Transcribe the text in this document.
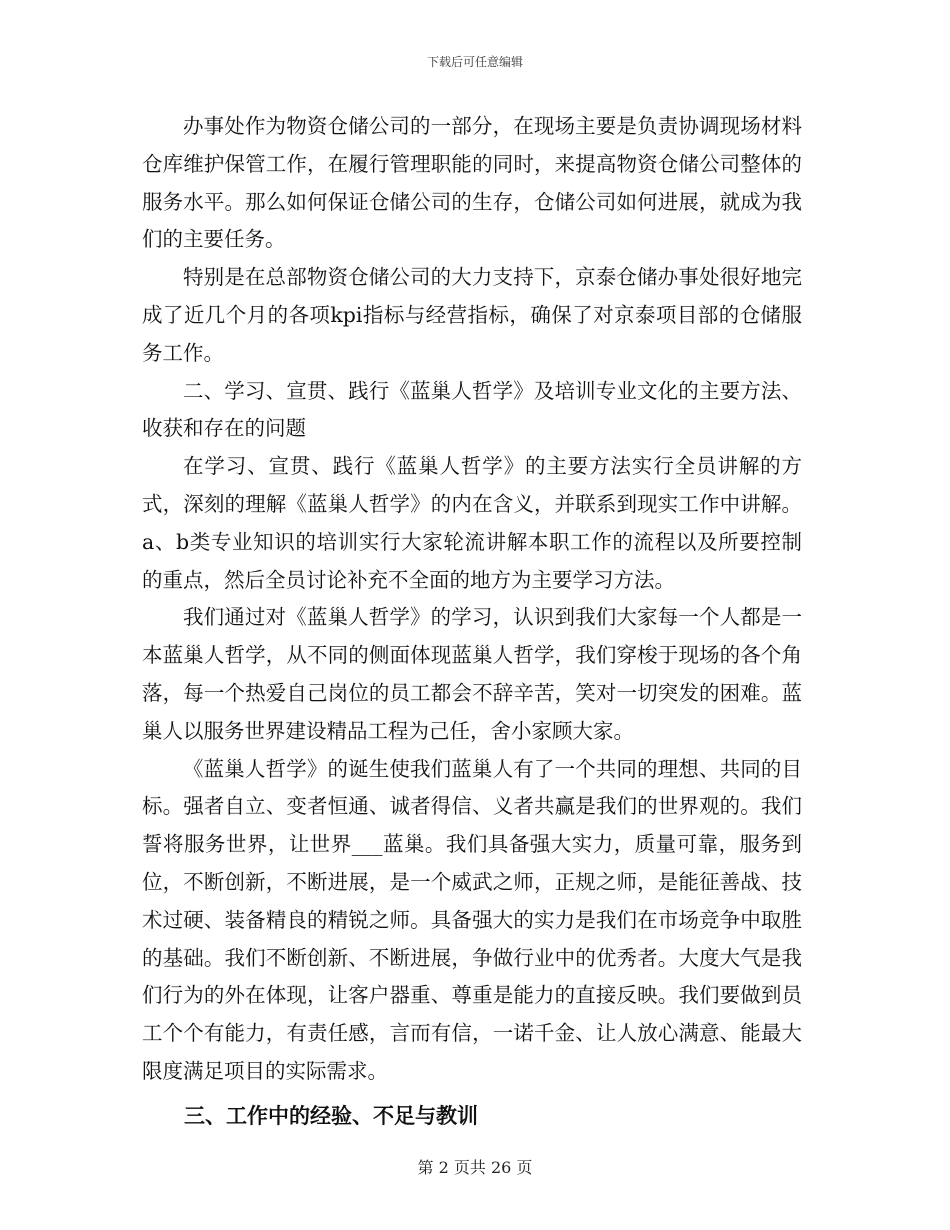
下载后可任意编辑

办事处作为物资仓储公司的一部分，在现场主要是负责协调现场材料仓库维护保管工作，在履行管理职能的同时，来提高物资仓储公司整体的服务水平。那么如何保证仓储公司的生存，仓储公司如何进展，就成为我们的主要任务。

特别是在总部物资仓储公司的大力支持下，京泰仓储办事处很好地完成了近几个月的各项kpi指标与经营指标，确保了对京泰项目部的仓储服务工作。

二、学习、宣贯、践行《蓝巢人哲学》及培训专业文化的主要方法、收获和存在的问题

在学习、宣贯、践行《蓝巢人哲学》的主要方法实行全员讲解的方式，深刻的理解《蓝巢人哲学》的内在含义，并联系到现实工作中讲解。a、b类专业知识的培训实行大家轮流讲解本职工作的流程以及所要控制的重点，然后全员讨论补充不全面的地方为主要学习方法。

我们通过对《蓝巢人哲学》的学习，认识到我们大家每一个人都是一本蓝巢人哲学，从不同的侧面体现蓝巢人哲学，我们穿梭于现场的各个角落，每一个热爱自己岗位的员工都会不辞辛苦，笑对一切突发的困难。蓝巢人以服务世界建设精品工程为己任，舍小家顾大家。

《蓝巢人哲学》的诞生使我们蓝巢人有了一个共同的理想、共同的目标。强者自立、变者恒通、诚者得信、义者共赢是我们的世界观的。我们誓将服务世界，让世界___蓝巢。我们具备强大实力，质量可靠，服务到位，不断创新，不断进展，是一个威武之师，正规之师，是能征善战、技术过硬、装备精良的精锐之师。具备强大的实力是我们在市场竞争中取胜的基础。我们不断创新、不断进展，争做行业中的优秀者。大度大气是我们行为的外在体现，让客户器重、尊重是能力的直接反映。我们要做到员工个个有能力，有责任感，言而有信，一诺千金、让人放心满意、能最大限度满足项目的实际需求。

三、工作中的经验、不足与教训

第 2 页共 26 页
